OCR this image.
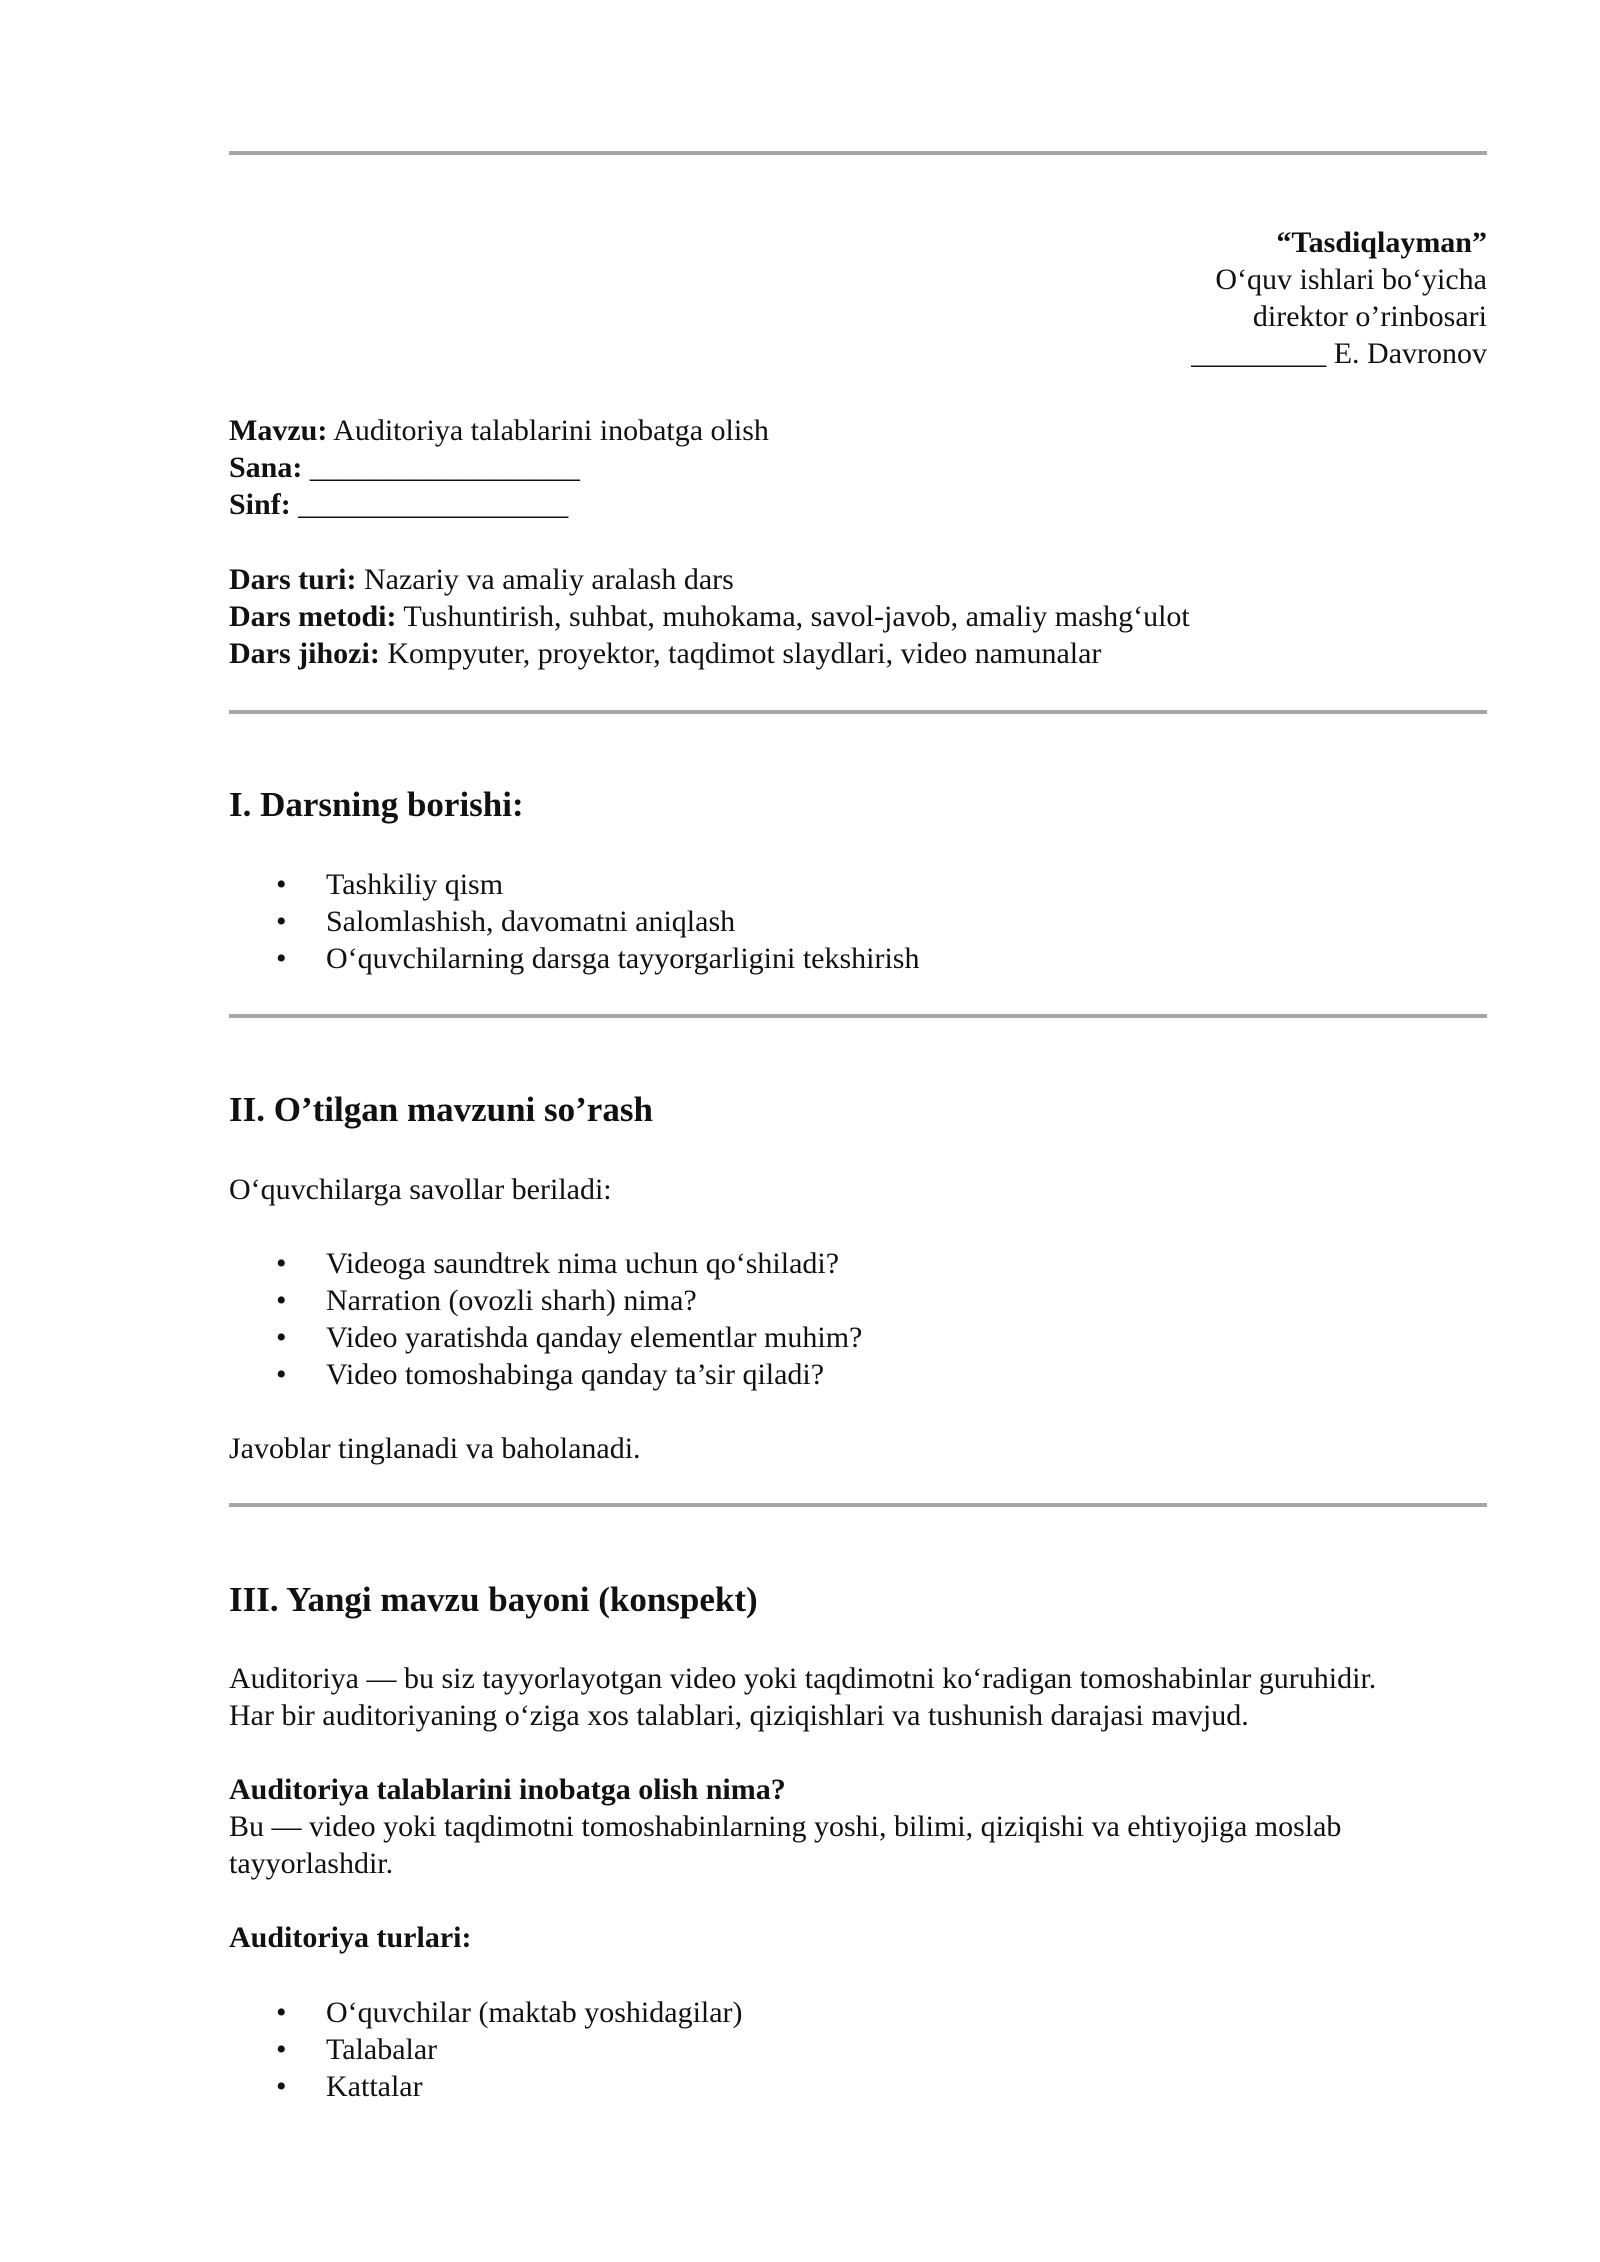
“Tasdiqlayman”
O‘quv ishlari bo‘yicha
direktor o’rinbosari
_________ E. Davronov
Mavzu: Auditoriya talablarini inobatga olish
Sana: __________________
Sinf: __________________
Dars turi: Nazariy va amaliy aralash dars
Dars metodi: Tushuntirish, suhbat, muhokama, savol-javob, amaliy mashg‘ulot
Dars jihozi: Kompyuter, proyektor, taqdimot slaydlari, video namunalar
I. Darsning borishi:
• Tashkiliy qism
• Salomlashish, davomatni aniqlash
• O‘quvchilarning darsga tayyorgarligini tekshirish
II. O’tilgan mavzuni so’rash

O‘quvchilarga savollar beriladi:

• Videoga saundtrek nima uchun qo‘shiladi?
• Narration (ovozli sharh) nima?
• Video yaratishda qanday elementlar muhim?
• Video tomoshabinga qanday ta’sir qiladi?

Javoblar tinglanadi va baholanadi.

III. Yangi mavzu bayoni (konspekt)
Auditoriya — bu siz tayyorlayotgan video yoki taqdimotni ko‘radigan tomoshabinlar guruhidir.
Har bir auditoriyaning o‘ziga xos talablari, qiziqishlari va tushunish darajasi mavjud.
Auditoriya talablarini inobatga olish nima?
Bu — video yoki taqdimotni tomoshabinlarning yoshi, bilimi, qiziqishi va ehtiyojiga moslab
tayyorlashdir.
Auditoriya turlari:
• O‘quvchilar (maktab yoshidagilar)
• Talabalar
• Kattalar
